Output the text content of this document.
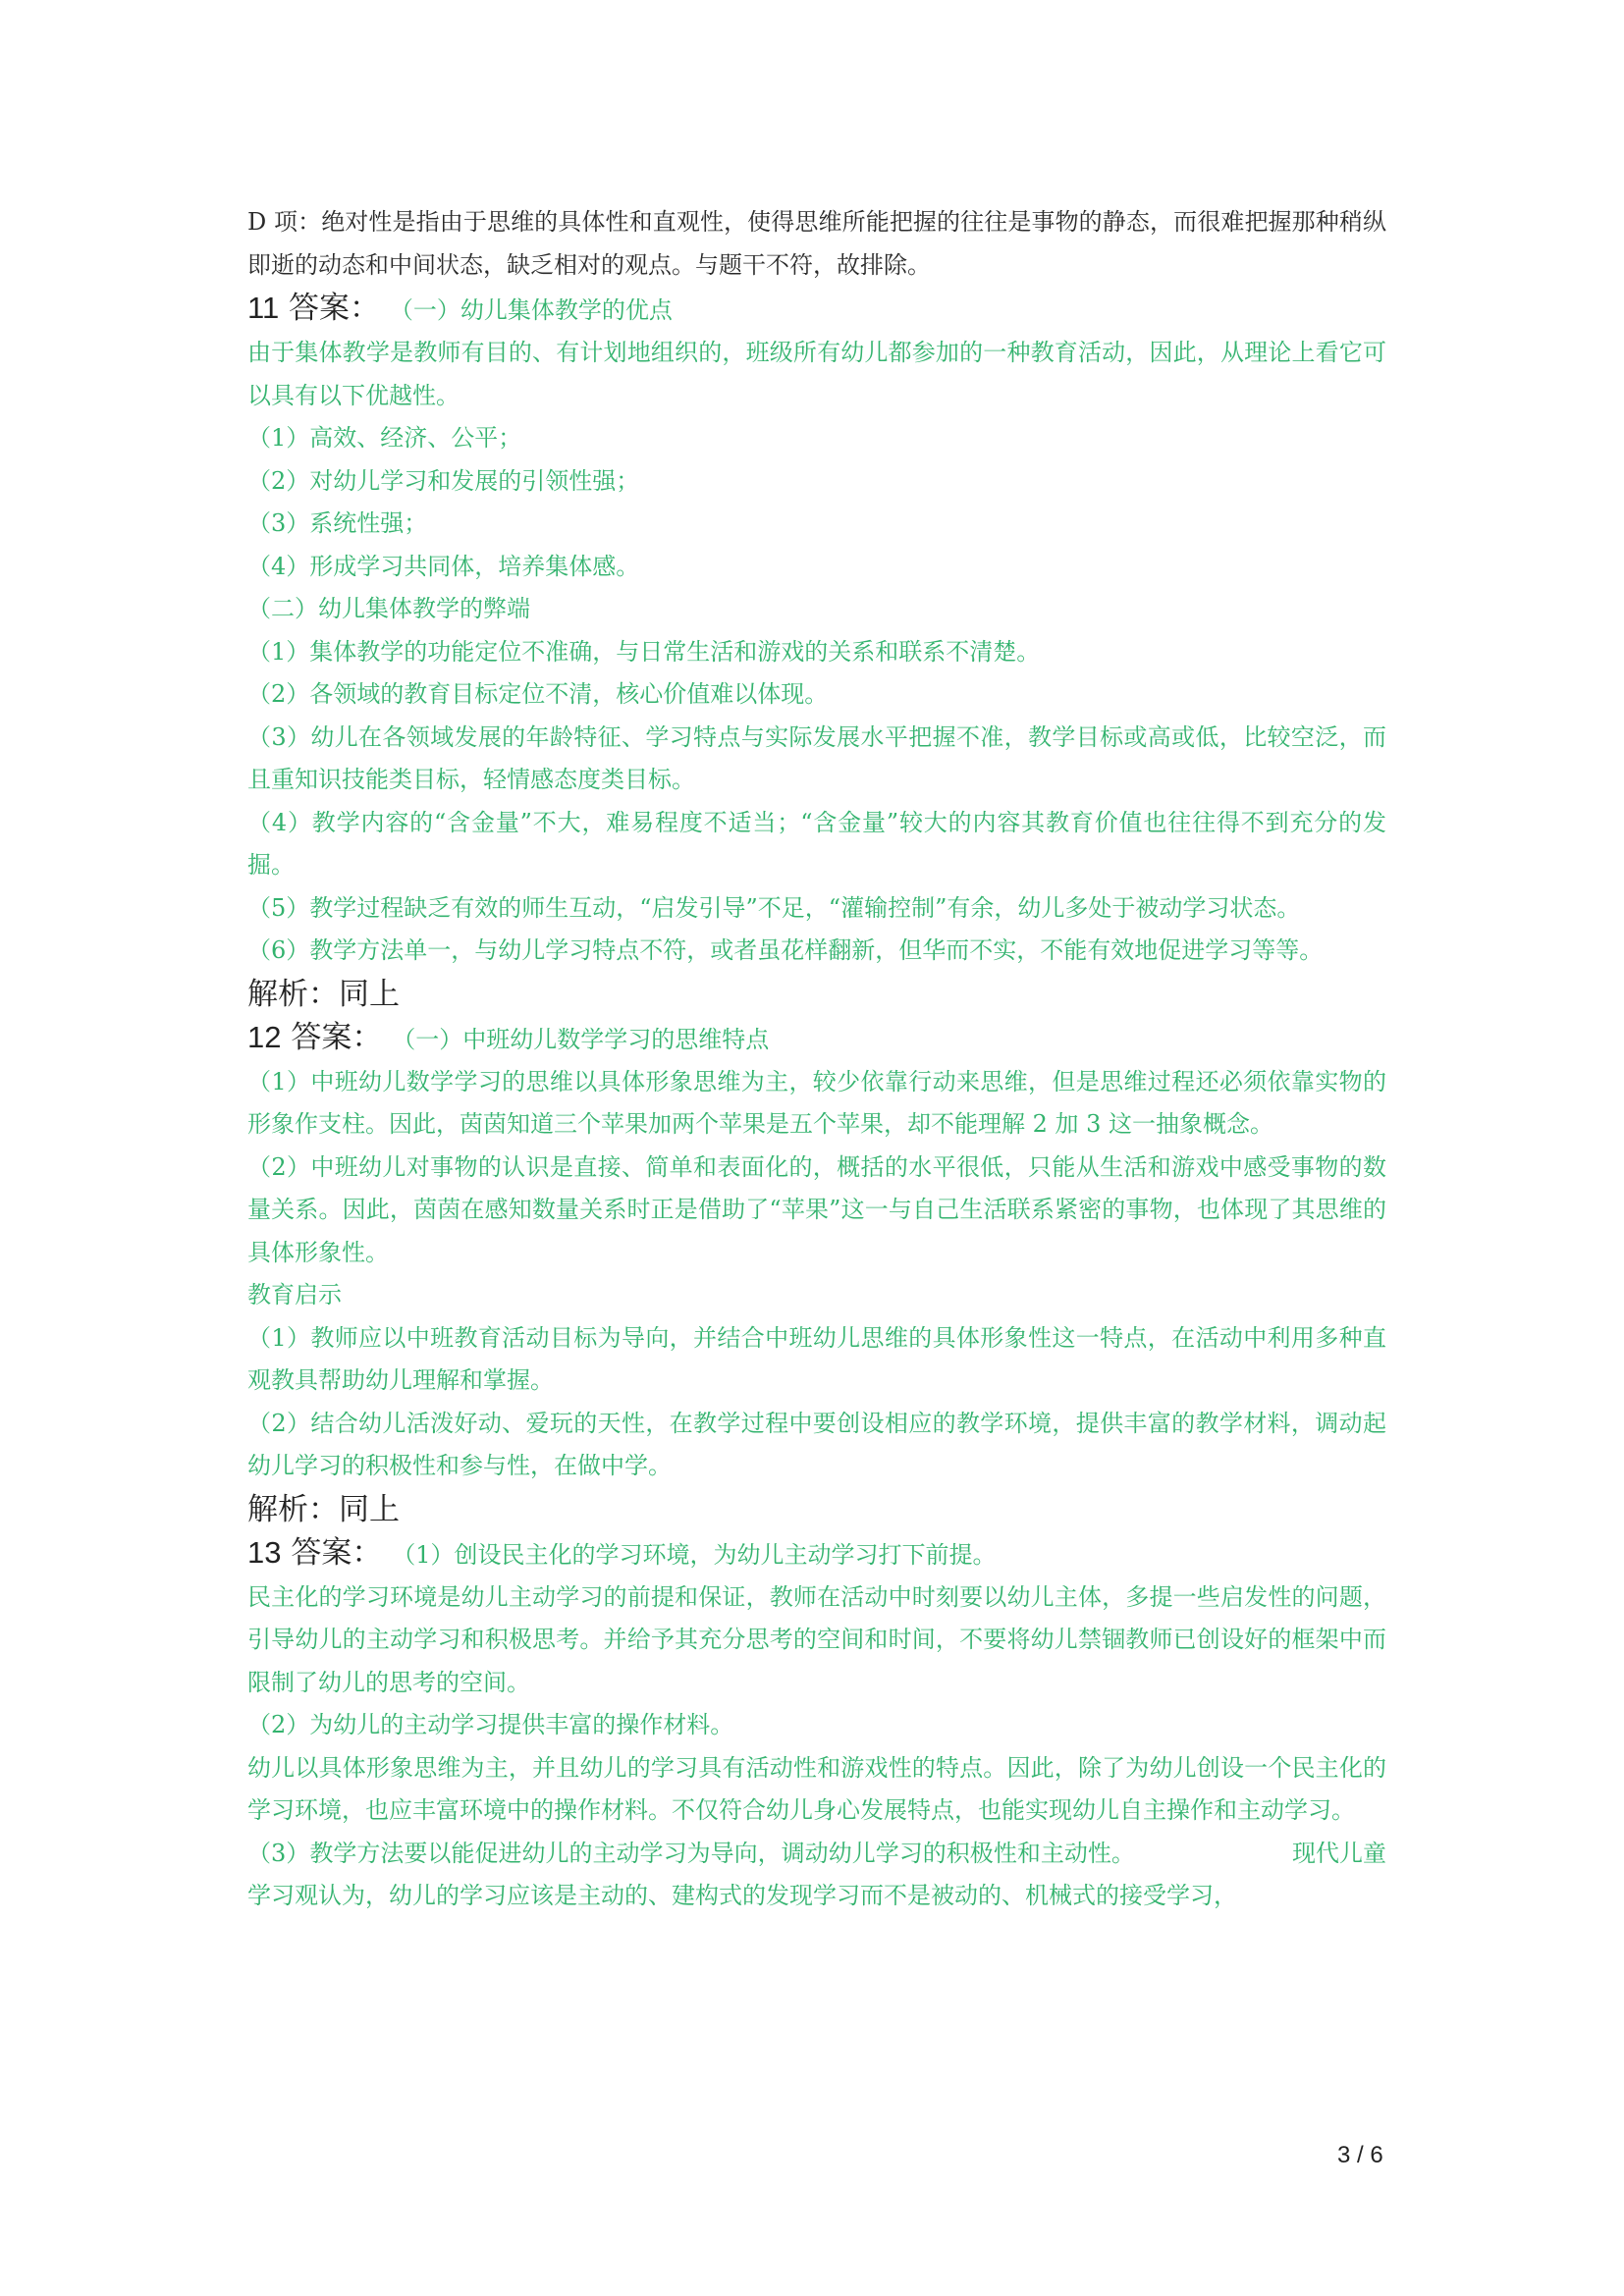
D 项：绝对性是指由于思维的具体性和直观性，使得思维所能把握的往往是事物的静态，而很难把握那种稍纵即逝的动态和中间状态，缺乏相对的观点。与题干不符，故排除。

11 答案： （一）幼儿集体教学的优点

由于集体教学是教师有目的、有计划地组织的，班级所有幼儿都参加的一种教育活动，因此，从理论上看它可以具有以下优越性。

（1）高效、经济、公平；

（2）对幼儿学习和发展的引领性强；

（3）系统性强；

（4）形成学习共同体，培养集体感。

（二）幼儿集体教学的弊端

（1）集体教学的功能定位不准确，与日常生活和游戏的关系和联系不清楚。

（2）各领域的教育目标定位不清，核心价值难以体现。

（3）幼儿在各领域发展的年龄特征、学习特点与实际发展水平把握不准，教学目标或高或低，比较空泛，而且重知识技能类目标，轻情感态度类目标。

（4）教学内容的“含金量”不大，难易程度不适当；“含金量”较大的内容其教育价值也往往得不到充分的发掘。

（5）教学过程缺乏有效的师生互动，“启发引导”不足，“灌输控制”有余，幼儿多处于被动学习状态。

（6）教学方法单一，与幼儿学习特点不符，或者虽花样翻新，但华而不实，不能有效地促进学习等等。

解析：同上

12 答案： （一）中班幼儿数学学习的思维特点

（1）中班幼儿数学学习的思维以具体形象思维为主，较少依靠行动来思维，但是思维过程还必须依靠实物的形象作支柱。因此，茵茵知道三个苹果加两个苹果是五个苹果，却不能理解 2 加 3 这一抽象概念。

（2）中班幼儿对事物的认识是直接、简单和表面化的，概括的水平很低，只能从生活和游戏中感受事物的数量关系。因此，茵茵在感知数量关系时正是借助了“苹果”这一与自己生活联系紧密的事物，也体现了其思维的具体形象性。

教育启示

（1）教师应以中班教育活动目标为导向，并结合中班幼儿思维的具体形象性这一特点，在活动中利用多种直观教具帮助幼儿理解和掌握。

（2）结合幼儿活泼好动、爱玩的天性，在教学过程中要创设相应的教学环境，提供丰富的教学材料，调动起幼儿学习的积极性和参与性，在做中学。

解析：同上

13 答案： （1）创设民主化的学习环境，为幼儿主动学习打下前提。

民主化的学习环境是幼儿主动学习的前提和保证，教师在活动中时刻要以幼儿主体，多提一些启发性的问题，引导幼儿的主动学习和积极思考。并给予其充分思考的空间和时间，不要将幼儿禁锢教师已创设好的框架中而限制了幼儿的思考的空间。

（2）为幼儿的主动学习提供丰富的操作材料。

幼儿以具体形象思维为主，并且幼儿的学习具有活动性和游戏性的特点。因此，除了为幼儿创设一个民主化的学习环境，也应丰富环境中的操作材料。不仅符合幼儿身心发展特点，也能实现幼儿自主操作和主动学习。

（3）教学方法要以能促进幼儿的主动学习为导向，调动幼儿学习的积极性和主动性。	现代儿童学习观认为，幼儿的学习应该是主动的、建构式的发现学习而不是被动的、机械式的接受学习，

3 / 6
